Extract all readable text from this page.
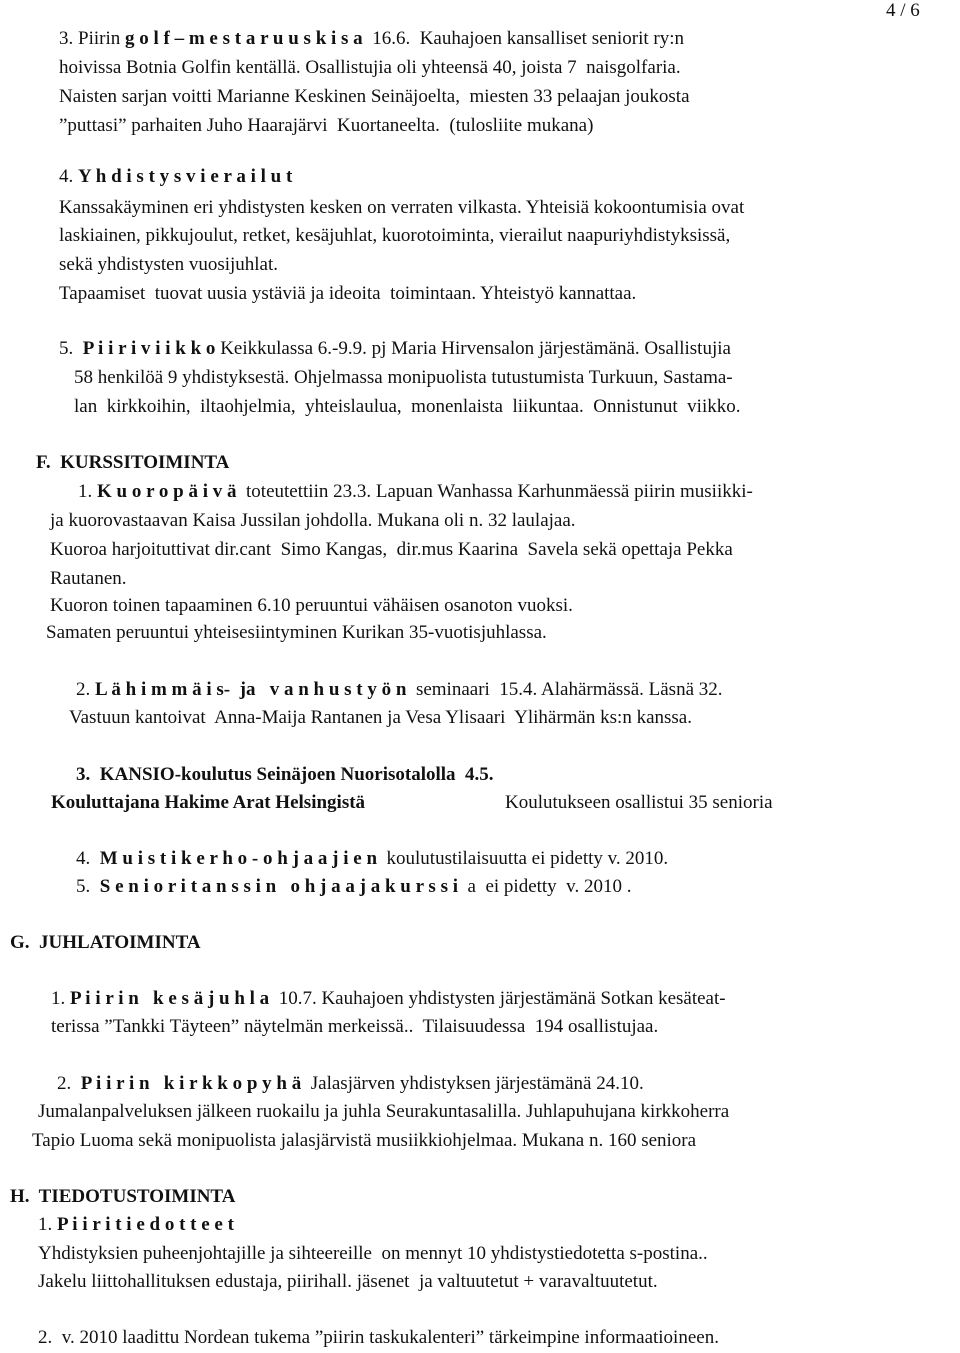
4 / 6
3. Piirin g o l f – m e s t a r u u s k i s a  16.6.  Kauhajoen kansalliset seniorit ry:n
hoivissa Botnia Golfin kentällä. Osallistujia oli yhteensä 40, joista 7  naisgolfaria.
Naisten sarjan voitti Marianne Keskinen Seinäjoelta,  miesten 33 pelaajan joukosta
”puttasi” parhaiten Juho Haarajärvi  Kuortaneelta.  (tulosliite mukana)
4. Y h d i s t y s v i e r a i l u t
Kanssakäyminen eri yhdistysten kesken on verraten vilkasta. Yhteisiä kokoontumisia ovat
laskiainen, pikkujoulut, retket, kesäjuhlat, kuorotoiminta, vierailut naapuriyhdistyksissä,
sekä yhdistysten vuosijuhlat.
Tapaamiset  tuovat uusia ystäviä ja ideoita  toimintaan. Yhteistyö kannattaa.
5.  P i i r i v i i k k o Keikkulassa 6.-9.9. pj Maria Hirvensalon järjestämänä. Osallistujia
58 henkilöä 9 yhdistyksestä. Ohjelmassa monipuolista tutustumista Turkuun, Sastama-
lan  kirkkoihin,  iltaohjelmia,  yhteislaulua,  monenlaista  liikuntaa.  Onnistunut  viikko.
F.  KURSSITOIMINTA
1. K u o r o p ä i v ä  toteutettiin 23.3. Lapuan Wanhassa Karhunmäessä piirin musiikki-
ja kuorovastaavan Kaisa Jussilan johdolla. Mukana oli n. 32 laulajaa.
Kuoroa harjoituttivat dir.cant  Simo Kangas,  dir.mus Kaarina  Savela sekä opettaja Pekka
Rautanen.
Kuoron toinen tapaaminen 6.10 peruuntui vähäisen osanoton vuoksi.
Samaten peruuntui yhteisesiintyminen Kurikan 35-vuotisjuhlassa.
2. L ä h i m m ä i s-  ja   v a n h u s t y ö n  seminaari  15.4. Alahärmässä. Läsnä 32.
Vastuun kantoivat  Anna-Maija Rantanen ja Vesa Ylisaari  Ylihärmän ks:n kanssa.
3.  KANSIO-koulutus Seinäjoen Nuorisotalolla  4.5.
Kouluttajana Hakime Arat Helsingistä	Koulutukseen osallistui 35 senioria
4.  M u i s t i k e r h o - o h j a a j i e n  koulutustilaisuutta ei pidetty v. 2010.
5.  S e n i o r i t a n s s i n   o h j a a j a k u r s s i  a  ei pidetty  v. 2010 .
G.  JUHLATOIMINTA
1. P i i r i n   k e s ä j u h l a  10.7. Kauhajoen yhdistysten järjestämänä Sotkan kesäteat-
terissa ”Tankki Täyteen” näytelmän merkeissä..  Tilaisuudessa  194 osallistujaa.
2.  P i i r i n   k i r k k o p y h ä  Jalasjärven yhdistyksen järjestämänä 24.10.
Jumalanpalveluksen jälkeen ruokailu ja juhla Seurakuntasalilla. Juhlapuhujana kirkkoherra
Tapio Luoma sekä monipuolista jalasjärvistä musiikkiohjelmaa. Mukana n. 160 seniora
H.  TIEDOTUSTOIMINTA
1. P i i r i t i e d o t t e e t
Yhdistyksien puheenjohtajille ja sihteereille  on mennyt 10 yhdistystiedotetta s-postina..
Jakelu liittohallituksen edustaja, piirihall. jäsenet  ja valtuutetut + varavaltuutetut.
2.  v. 2010 laadittu Nordean tukema ”piirin taskukalenteri” tärkeimpine informaatioineen.
